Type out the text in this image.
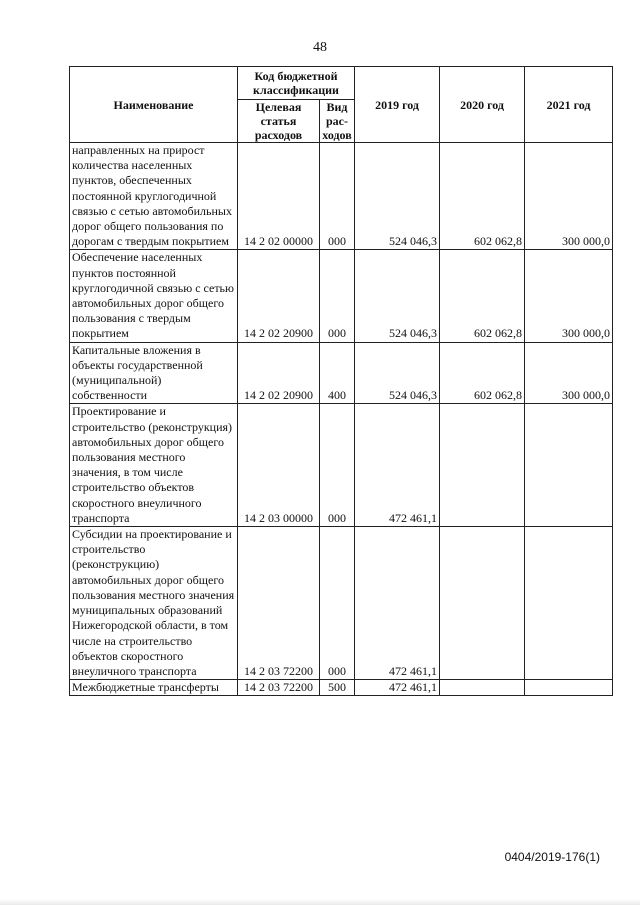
48
Наименование	Код бюджетной классификации		2019 год	2020 год	2021 год
	Целевая статья расходов	Вид рас-ходов			
направленных на прирост количества населенных пунктов, обеспеченных постоянной круглогодичной связью с сетью автомобильных дорог общего пользования по дорогам с твердым покрытием	14 2 02 00000	000	524 046,3	602 062,8	300 000,0
Обеспечение населенных пунктов постоянной круглогодичной связью с сетью автомобильных дорог общего пользования с твердым покрытием	14 2 02 20900	000	524 046,3	602 062,8	300 000,0
Капитальные вложения в объекты государственной (муниципальной) собственности	14 2 02 20900	400	524 046,3	602 062,8	300 000,0
Проектирование и строительство (реконструкция) автомобильных дорог общего пользования местного значения, в том числе строительство объектов скоростного внеуличного транспорта	14 2 03 00000	000	472 461,1		
Субсидии на проектирование и строительство (реконструкцию) автомобильных дорог общего пользования местного значения муниципальных образований Нижегородской области, в том числе на строительство объектов скоростного внеуличного транспорта	14 2 03 72200	000	472 461,1		
Межбюджетные трансферты	14 2 03 72200	500	472 461,1		
0404/2019-176(1)
